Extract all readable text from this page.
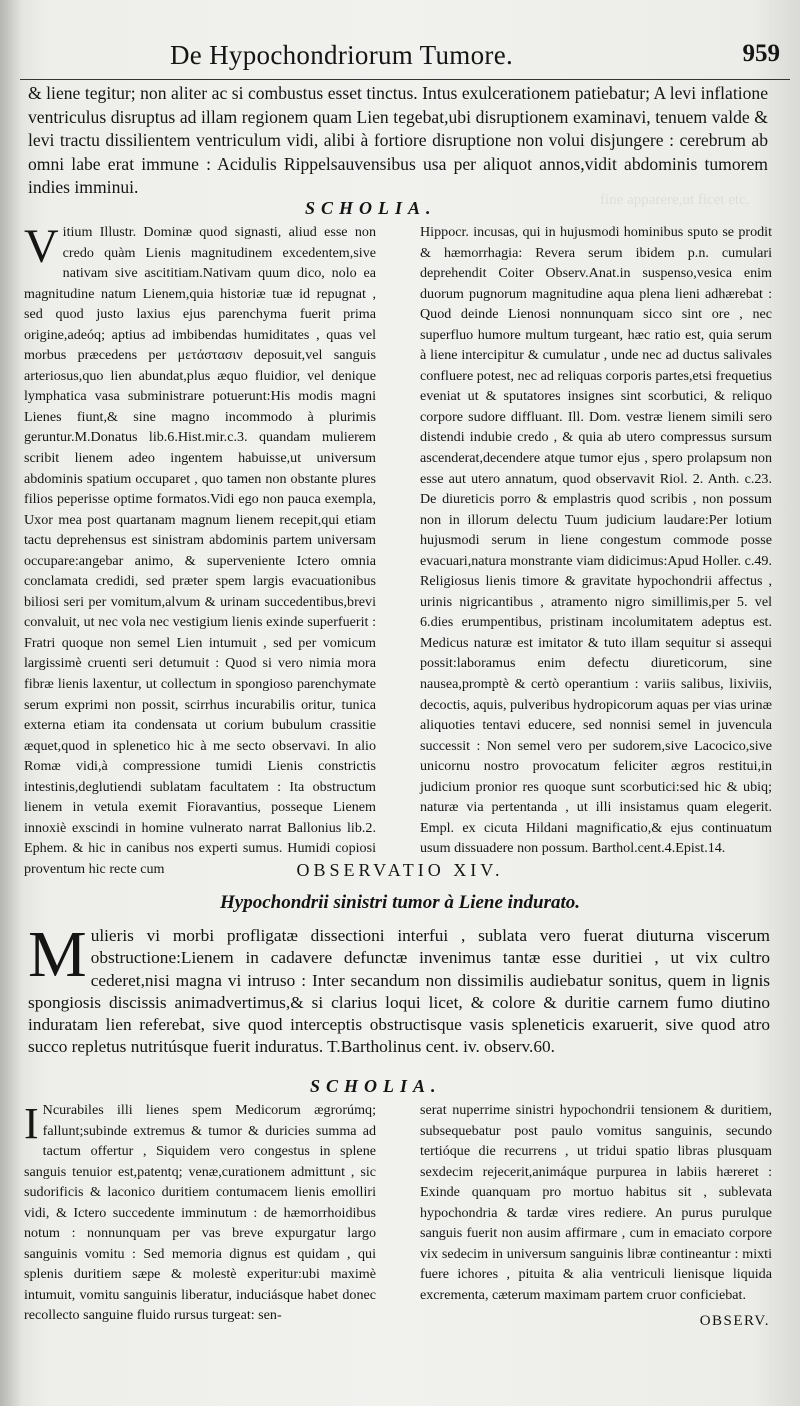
fine apparere,ut ficet etc.
De Hypochondriorum Tumore.	959
& liene tegitur; non aliter ac si combustus esset tinctus. Intus exulcerationem patiebatur; A levi inflatione ventriculus disruptus ad illam regionem quam Lien tegebat,ubi disruptionem examinavi, tenuem valde & levi tractu dissilientem ventriculum vidi, alibi à fortiore disruptione non volui disjungere : cerebrum ab omni labe erat immune : Acidulis Rippelsauvensibus usa per aliquot annos,vidit abdominis tumorem indies imminui.
SCHOLIA.
V itium Illustr. Dominæ quod signasti, aliud esse non credo quàm Lienis magnitudinem excedentem,sive nativam sive ascititiam.Nativam quum dico, nolo ea magnitudine natum Lienem,quia historiæ tuæ id repugnat , sed quod justo laxius ejus parenchyma fuerit prima origine,adeóq; aptius ad imbibendas humiditates , quas vel morbus præcedens per μετάστασιν deposuit,vel sanguis arteriosus,quo lien abundat,plus æquo fluidior, vel denique lymphatica vasa subministrare potuerunt:His modis magni Lienes fiunt,& sine magno incommodo à plurimis geruntur.M.Donatus lib.6.Hist.mir.c.3. quandam mulierem scribit lienem adeo ingentem habuisse,ut universum abdominis spatium occuparet , quo tamen non obstante plures filios peperisse optime formatos.Vidi ego non pauca exempla, Uxor mea post quartanam magnum lienem recepit,qui etiam tactu deprehensus est sinistram abdominis partem universam occupare:angebar animo, & superveniente Ictero omnia conclamata credidi, sed præter spem largis evacuationibus biliosi seri per vomitum,alvum & urinam succedentibus,brevi convaluit, ut nec vola nec vestigium lienis exinde superfuerit : Fratri quoque non semel Lien intumuit , sed per vomicum largissimè cruenti seri detumuit : Quod si vero nimia mora fibræ lienis laxentur, ut collectum in spongioso parenchymate serum exprimi non possit, scirrhus incurabilis oritur, tunica externa etiam ita condensata ut corium bubulum crassitie æquet,quod in splenetico hic à me secto observavi. In alio Romæ vidi,à compressione tumidi Lienis constrictis intestinis,deglutiendi sublatam facultatem : Ita obstructum lienem in vetula exemit Fioravantius, posseque Lienem innoxiè exscindi in homine vulnerato narrat Ballonius lib.2. Ephem. & hic in canibus nos experti sumus. Humidi copiosi proventum hic recte cum
Hippocr. incusas, qui in hujusmodi hominibus sputo se prodit & hæmorrhagia: Revera serum ibidem p.n. cumulari deprehendit Coiter Observ.Anat.in suspenso,vesica enim duorum pugnorum magnitudine aqua plena lieni adhærebat : Quod deinde Lienosi nonnunquam sicco sint ore , nec superfluo humore multum turgeant, hæc ratio est, quia serum à liene intercipitur & cumulatur , unde nec ad ductus salivales confluere potest, nec ad reliquas corporis partes,etsi frequetius eveniat ut & sputatores insignes sint scorbutici, & reliquo corpore sudore diffluant. Ill. Dom. vestræ lienem simili sero distendi indubie credo , & quia ab utero compressus sursum ascenderat,decendere atque tumor ejus , spero prolapsum non esse aut utero annatum, quod observavit Riol. 2. Anth. c.23. De diureticis porro & emplastris quod scribis , non possum non in illorum delectu Tuum judicium laudare:Per lotium hujusmodi serum in liene congestum commode posse evacuari,natura monstrante viam didicimus:Apud Holler. c.49. Religiosus lienis timore & gravitate hypochondrii affectus , urinis nigricantibus , atramento nigro simillimis,per 5. vel 6.dies erumpentibus, pristinam incolumitatem adeptus est. Medicus naturæ est imitator & tuto illam sequitur si assequi possit:laboramus enim defectu diureticorum, sine nausea,promptè & certò operantium : variis salibus, lixiviis, decoctis, aquis, pulveribus hydropicorum aquas per vias urinæ aliquoties tentavi educere, sed nonnisi semel in juvencula successit : Non semel vero per sudorem,sive Lacocico,sive unicornu nostro provocatum feliciter ægros restitui,in judicium pronior res quoque sunt scorbutici:sed hic & ubiq; naturæ via pertentanda , ut illi insistamus quam elegerit. Empl. ex cicuta Hildani magnificatio,& ejus continuatum usum dissuadere non possum. Barthol.cent.4.Epist.14.
OBSERVATIO XIV.
Hypochondrii sinistri tumor à Liene indurato.
M ulieris vi morbi profligatæ dissectioni interfui , sublata vero fuerat diuturna viscerum obstructione:Lienem in cadavere defunctæ invenimus tantæ esse duritiei , ut vix cultro cederet,nisi magna vi intruso : Inter secandum non dissimilis audiebatur sonitus, quem in lignis spongiosis discissis animadvertimus,& si clarius loqui licet, & colore & duritie carnem fumo diutino induratam lien referebat, sive quod interceptis obstructisque vasis spleneticis exaruerit, sive quod atro succo repletus nutritúsque fuerit induratus. T.Bartholinus cent. iv. observ.60.
SCHOLIA.
I Ncurabiles illi lienes spem Medicorum ægrorúmq; fallunt;subinde extremus & tumor & duricies summa ad tactum offertur , Siquidem vero congestus in splene sanguis tenuior est,patentq; venæ,curationem admittunt , sic sudorificis & laconico duritiem contumacem lienis emolliri vidi, & Ictero succedente imminutum : de hæmorrhoidibus notum : nonnunquam per vas breve expurgatur largo sanguinis vomitu : Sed memoria dignus est quidam , qui splenis duritiem sæpe & molestè experitur:ubi maximè intumuit, vomitu sanguinis liberatur, induciásque habet donec recollecto sanguine fluido rursus turgeat: sen-
serat nuperrime sinistri hypochondrii tensionem & duritiem, subsequebatur post paulo vomitus sanguinis, secundo tertióque die recurrens , ut tridui spatio libras plusquam sexdecim rejecerit,animáque purpurea in labiis hæreret : Exinde quanquam pro mortuo habitus sit , sublevata hypochondria & tardæ vires rediere. An purus purulque sanguis fuerit non ausim affirmare , cum in emaciato corpore vix sedecim in universum sanguinis libræ contineantur : mixti fuere ichores , pituita & alia ventriculi lienisque liquida excrementa, cæterum maximam partem cruor conficiebat.
OBSERV.
